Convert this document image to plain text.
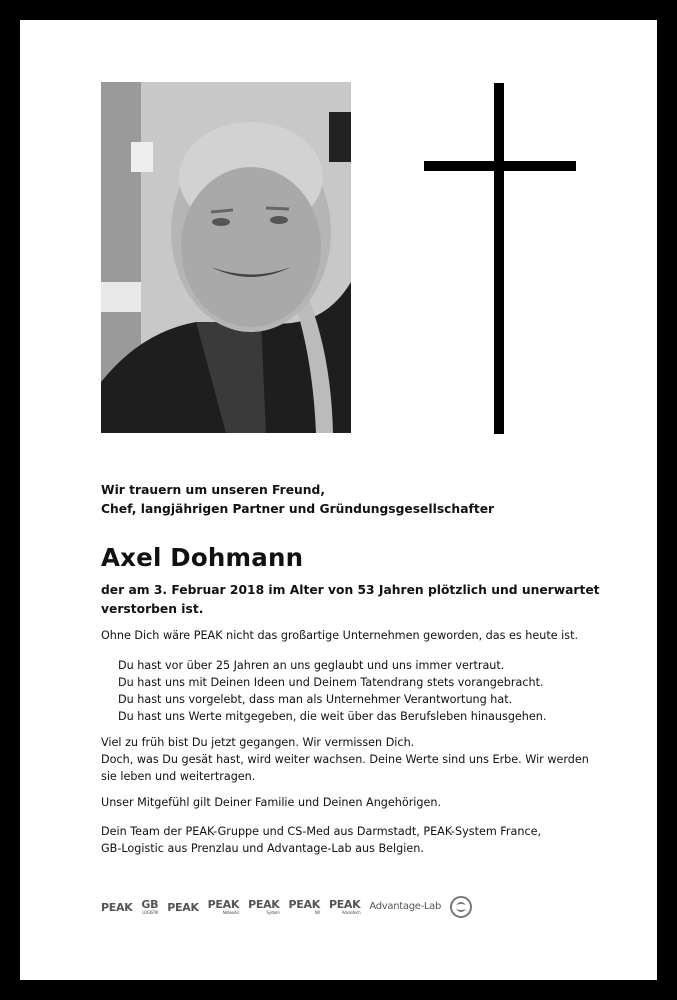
Wir trauern um unseren Freund,
Chef, langjährigen Partner und Gründungsgesellschafter
Axel Dohmann
der am 3. Februar 2018 im Alter von 53 Jahren plötzlich und unerwartet
verstorben ist.
Ohne Dich wäre PEAK nicht das großartige Unternehmen geworden, das es heute ist.
Du hast vor über 25 Jahren an uns geglaubt und uns immer vertraut.
Du hast uns mit Deinen Ideen und Deinem Tatendrang stets vorangebracht.
Du hast uns vorgelebt, dass man als Unternehmer Verantwortung hat.
Du hast uns Werte mitgegeben, die weit über das Berufsleben hinausgehen.
Viel zu früh bist Du jetzt gegangen. Wir vermissen Dich.
Doch, was Du gesät hast, wird weiter wachsen. Deine Werte sind uns Erbe. Wir werden
sie leben und weitertragen.
Unser Mitgefühl gilt Deiner Familie und Deinen Angehörigen.
Dein Team der PEAK-Gruppe und CS-Med aus Darmstadt, PEAK-System France,
GB-Logistic aus Prenzlau und Advantage-Lab aus Belgien.
PEAK GB
LOGISTIK PEAK PEAK
Networks
PEAK
System
PEAK
NX
PEAK
Advantech
Advantage-Lab
